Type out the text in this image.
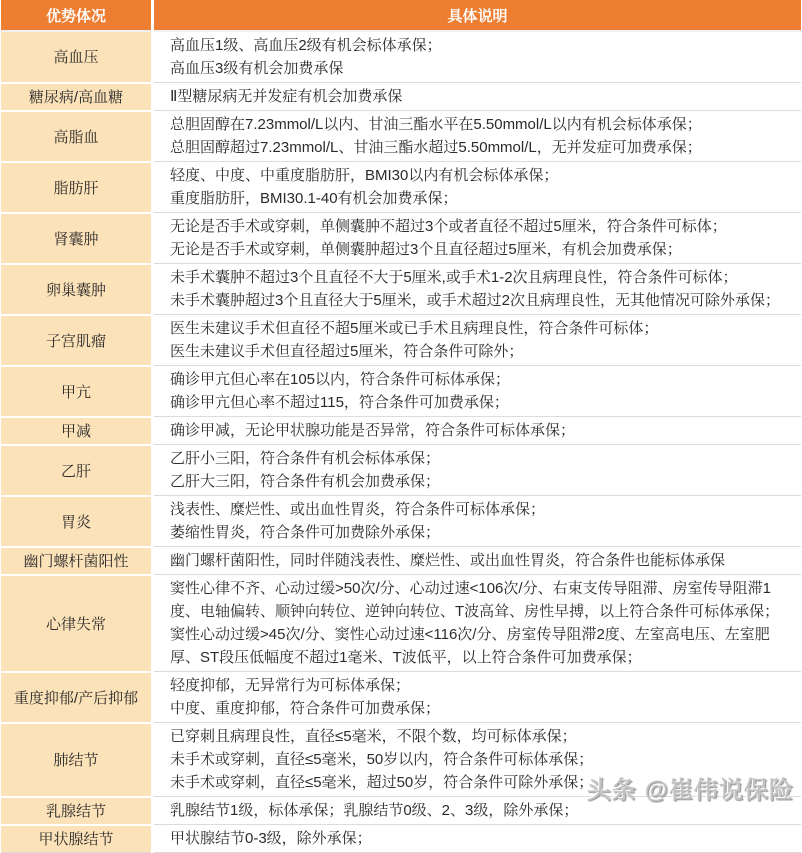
优势体况	具体说明
高血压	高血压1级、高血压2级有机会标体承保；
高血压3级有机会加费承保

糖尿病/高血糖	Ⅱ型糖尿病无并发症有机会加费承保

高脂血	总胆固醇在7.23mmol/L以内、甘油三酯水平在5.50mmol/L以内有机会标体承保；
总胆固醇超过7.23mmol/L、甘油三酯水超过5.50mmol/L，无并发症可加费承保；

脂肪肝	轻度、中度、中重度脂肪肝，BMI30以内有机会标体承保；
重度脂肪肝，BMI30.1-40有机会加费承保；

肾囊肿	无论是否手术或穿刺，单侧囊肿不超过3个或者直径不超过5厘米，符合条件可标体；
无论是否手术或穿刺，单侧囊肿超过3个且直径超过5厘米，有机会加费承保；

卵巢囊肿	未手术囊肿不超过3个且直径不大于5厘米,或手术1-2次且病理良性，符合条件可标体；
未手术囊肿超过3个且直径大于5厘米，或手术超过2次且病理良性，无其他情况可除外承保；

子宫肌瘤	医生未建议手术但直径不超5厘米或已手术且病理良性，符合条件可标体；
医生未建议手术但直径超过5厘米，符合条件可除外；

甲亢	确诊甲亢但心率在105以内，符合条件可标体承保；
确诊甲亢但心率不超过115，符合条件可加费承保；

甲减	确诊甲减，无论甲状腺功能是否异常，符合条件可标体承保；

乙肝	乙肝小三阳，符合条件有机会标体承保；
乙肝大三阳，符合条件有机会加费承保；

胃炎	浅表性、糜烂性、或出血性胃炎，符合条件可标体承保；
萎缩性胃炎，符合条件可加费除外承保；

幽门螺杆菌阳性	幽门螺杆菌阳性，同时伴随浅表性、糜烂性、或出血性胃炎，符合条件也能标体承保

心律失常	窦性心律不齐、心动过缓>50次/分、心动过速<106次/分、右束支传导阻滞、房室传导阻滞1度、电轴偏转、顺钟向转位、逆钟向转位、T波高耸、房性早搏，以上符合条件可标体承保；
窦性心动过缓>45次/分、窦性心动过速<116次/分、房室传导阻滞2度、左室高电压、左室肥厚、ST段压低幅度不超过1毫米、T波低平，以上符合条件可加费承保；

重度抑郁/产后抑郁	轻度抑郁，无异常行为可标体承保；
中度、重度抑郁，符合条件可加费承保；

肺结节	已穿刺且病理良性，直径≤5毫米，不限个数，均可标体承保；
未手术或穿刺，直径≤5毫米，50岁以内，符合条件可标体承保；
未手术或穿刺，直径≤5毫米，超过50岁，符合条件可除外承保；

乳腺结节	乳腺结节1级，标体承保；乳腺结节0级、2、3级，除外承保；

甲状腺结节	甲状腺结节0-3级，除外承保；
头条 @崔伟说保险
